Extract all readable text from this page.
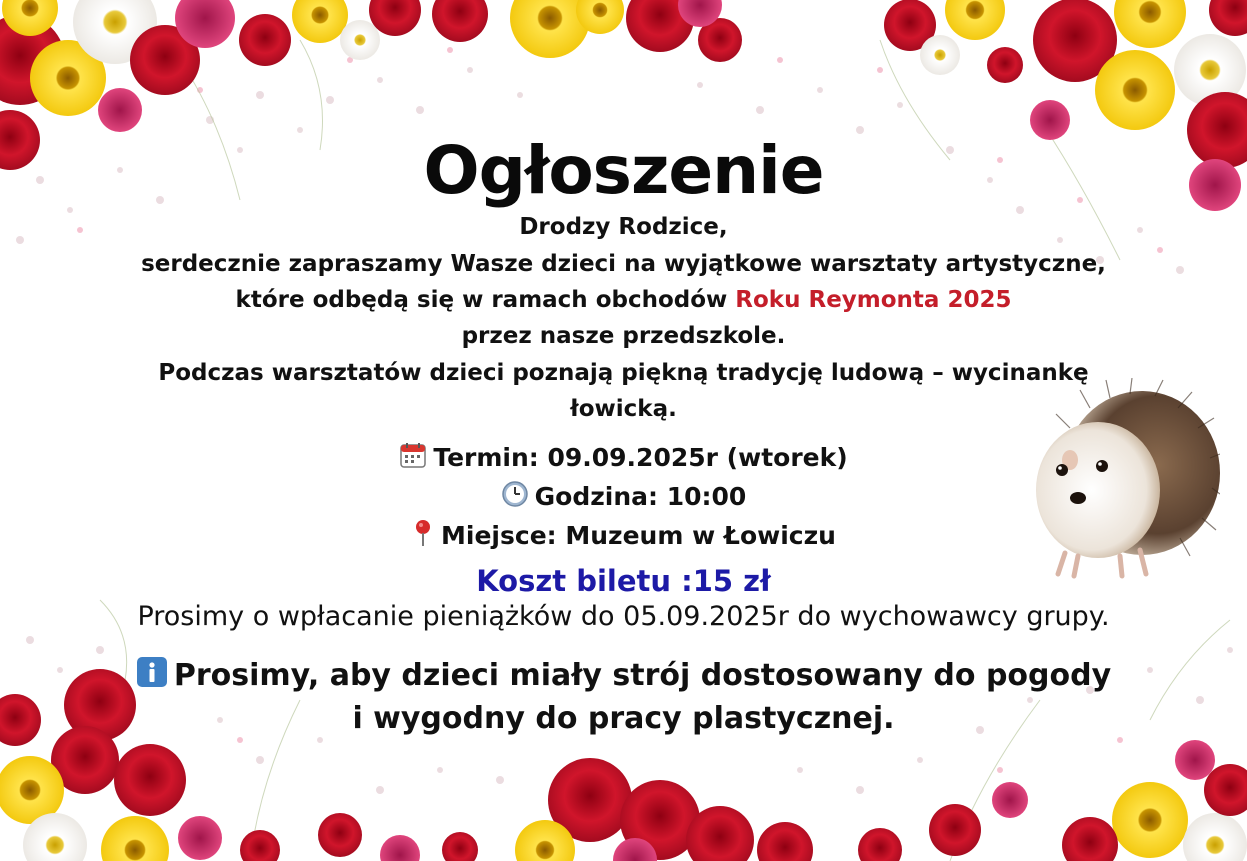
Ogłoszenie
Drodzy Rodzice,
serdecznie zapraszamy Wasze dzieci na wyjątkowe warsztaty artystyczne,
które odbędą się w ramach obchodów Roku Reymonta 2025
przez nasze przedszkole.
Podczas warsztatów dzieci poznają piękną tradycję ludową – wycinankę
łowicką.
Termin: 09.09.2025r (wtorek)
Godzina: 10:00
Miejsce: Muzeum w Łowiczu
Koszt biletu :15 zł
Prosimy o wpłacanie pieniążków do 05.09.2025r do wychowawcy grupy.
Prosimy, aby dzieci miały strój dostosowany do pogody
i wygodny do pracy plastycznej.
